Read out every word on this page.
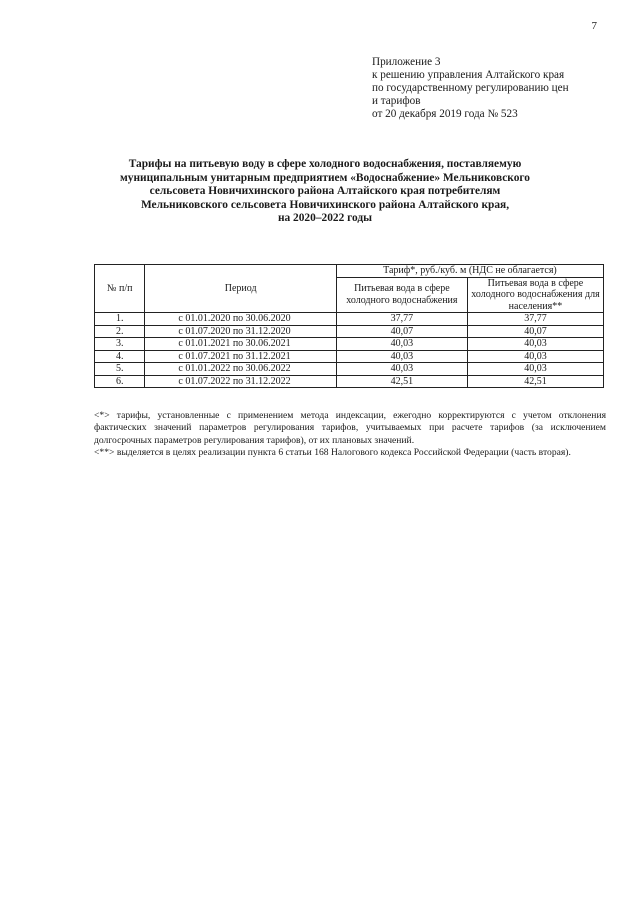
7
Приложение 3
к решению управления Алтайского края
по государственному регулированию цен
и тарифов
от 20 декабря 2019 года № 523
Тарифы на питьевую воду в сфере холодного водоснабжения, поставляемую
муниципальным унитарным предприятием «Водоснабжение» Мельниковского
сельсовета Новичихинского района Алтайского края потребителям
Мельниковского сельсовета Новичихинского района Алтайского края,
на 2020–2022 годы
№ п/п	Период	Тариф*, руб./куб. м (НДС не облагается)	
		Питьевая вода в сфере холодного водоснабжения	Питьевая вода в сфере холодного водоснабжения для населения**
1.	с 01.01.2020 по 30.06.2020	37,77	37,77
2.	с 01.07.2020 по 31.12.2020	40,07	40,07
3.	с 01.01.2021 по 30.06.2021	40,03	40,03
4.	с 01.07.2021 по 31.12.2021	40,03	40,03
5.	с 01.01.2022 по 30.06.2022	40,03	40,03
6.	с 01.07.2022 по 31.12.2022	42,51	42,51

<*> тарифы, установленные с применением метода индексации, ежегодно корректируются с учетом отклонения фактических значений параметров регулирования тарифов, учитываемых при расчете тарифов (за исключением долгосрочных параметров регулирования тарифов), от их плановых значений.

<**> выделяется в целях реализации пункта 6 статьи 168 Налогового кодекса Российской Федерации (часть вторая).
